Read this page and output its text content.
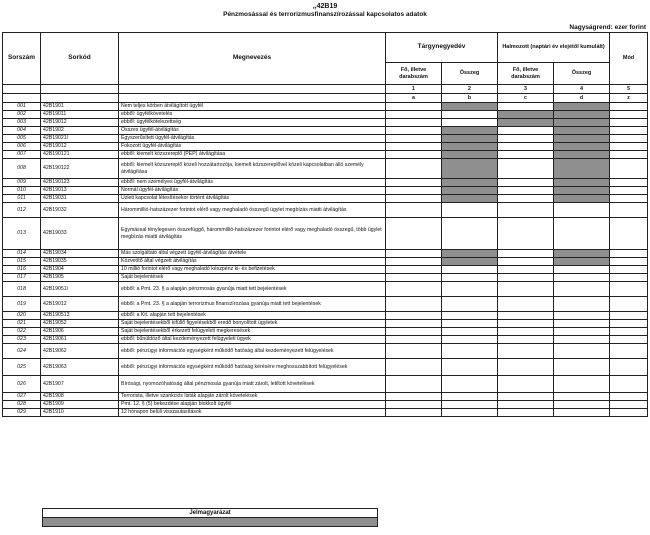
,,42B19
Pénzmosással és terrorizmusfinanszírozással kapcsolatos adatok
Nagyságrend: ezer forint
Sorszám	Sorkód	Megnevezés	Tárgynegyedév		Halmozott (naptári év elejétől kumulált)		Mód
			Fő, illetve darabszám	Összeg	Fő, illetve darabszám	Összeg	

			1	2	3	4	5
			a	b	c	d	z
001	42B1901	Nem teljes körben átvilágított ügyfél					
002	42B19011	ebből: ügyfélkövetelés					
003	42B19012	ebből: ügyfélkötelezettség					
004	42B1902	Összes ügyfél-átvilágítás					
005	42B19021l	Egyszerűsített ügyfél-átvilágítás					
006	42B19012	Fokozott ügyfél-átvilágítás					
007	42B190121	ebből: kiemelt közszereplő (PEP) átvilágítása					
008	42B190122	ebből: kiemelt közszereplő közeli hozzátartozója, kiemelt közszereplővel közeli kapcsolatban álló személy átvilágítása					
009	42B190123	ebből: nem személyes ügyfél-átvilágítás					
010	42B19013	Normál ügyfél-átvilágítás					
011	42B19031	Üzleti kapcsolat létesítésekor történt átvilágítás					
012	42B19032	Hárommillió-hatszázezer forintot elérő vagy meghaladó összegű ügylet megbízás miatti átvilágítás					
013	42B19033	Egymással ténylegesen összefüggő, hárommillió-hatszázezer forintot elérő vagy meghaladó összegű, több ügylet megbízás miatti átvilágítás					
014	42B19034	Más szolgáltató által végzett ügyfél-átvilágítás átvétele					
015	42B19035	Közvetítő által végzett átvilágítás					
016	42B1904	10 millió forintot elérő vagy meghaladó készpénz ki- és befizetések					
017	42B1905	Saját bejelentések					
018	42B19051l	ebből: a Pmt. 23. § a alapján pénzmosás gyanúja miatt tett bejelentések					
019	42B19012	ebből: a Pmt. 23. § a alapján terrorizmus finanszírozása gyanúja miatt tett bejelentések					
020	42B190513	ebből: a Kit. alapján tett bejelentések					
021	42B19052	Saját bejelentésekből kifüllő figyelésekből eredő bonyolított ügyletek					
022	42B1906	Saját bejelentésekből érkezett felügyeleti megkeresések					
023	42B19061	ebből: bűnüldöző által kezdeményezett felügyeleti ügyek					
024	42B19062	ebből: pénzügyi információs egységként működő hatóság által kezdeményezett felügyelések					
025	42B19063	ebből: pénzügyi információs egységként működő hatóság kérésére meghosszabbított felügyelések					
026	42B1907	Bírósági, nyomozóhatóság által pénzmosás gyanúja miatt zárolt, letiltott követelések					
027	42B1908	Terrorista, illetve szankciós listák alapján zárolt követelések					
028	42B1909	Pmt. 12. § (5) bekezdése alapján blokkolt ügyfél					
029	42B1910	12 hónapon belüli visszautasítások					
Jelmagyarázat
